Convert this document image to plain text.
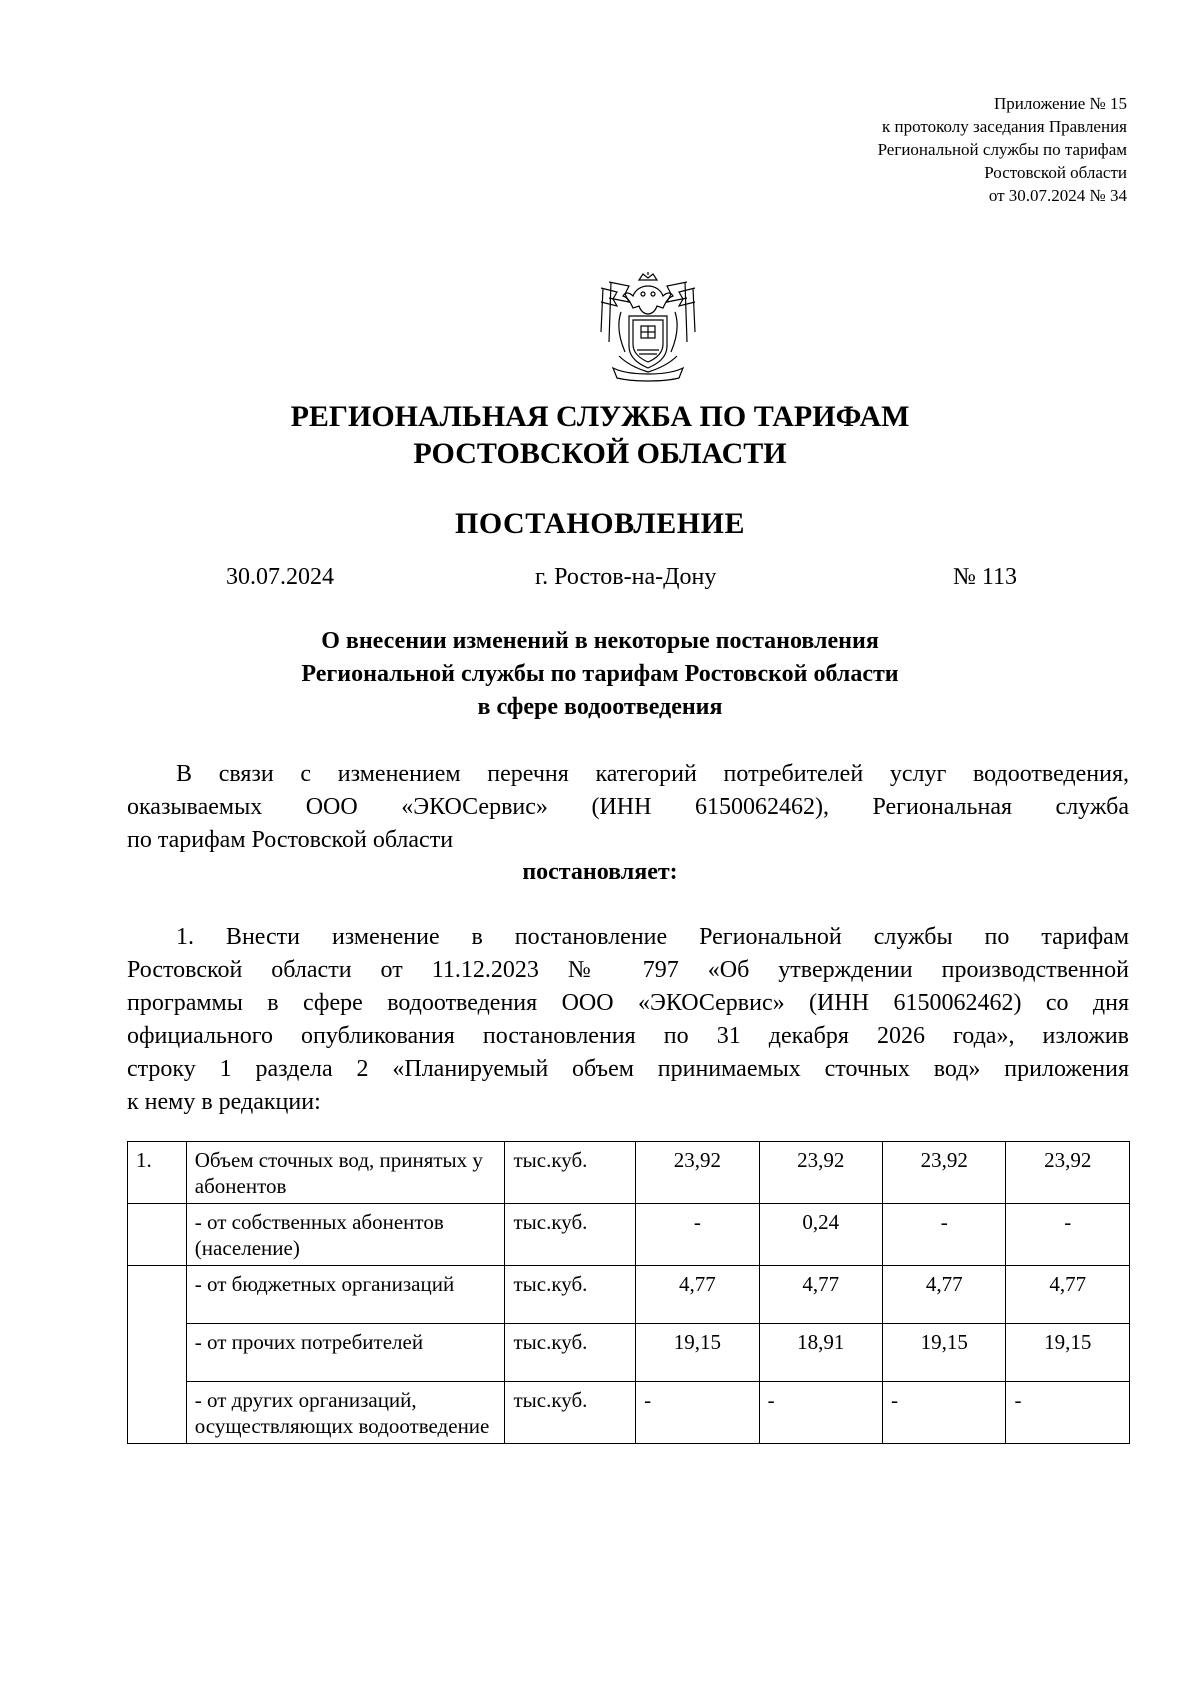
Приложение № 15
к протоколу заседания Правления
Региональной службы по тарифам
Ростовской области
от 30.07.2024 № 34
РЕГИОНАЛЬНАЯ СЛУЖБА ПО ТАРИФАМ
РОСТОВСКОЙ ОБЛАСТИ
ПОСТАНОВЛЕНИЕ
30.07.2024	г. Ростов-на-Дону	№ 113
О внесении изменений в некоторые постановления
Региональной службы по тарифам Ростовской области
в сфере водоотведения
В связи с изменением перечня категорий потребителей услуг водоотведения,
оказываемых ООО «ЭКОСервис» (ИНН 6150062462), Региональная служба
по тарифам Ростовской области
постановляет:
1. Внести изменение в постановление Региональной службы по тарифам
Ростовской области от 11.12.2023 № 797 «Об утверждении производственной
программы в сфере водоотведения ООО «ЭКОСервис» (ИНН 6150062462) со дня
официального опубликования постановления по 31 декабря 2026 года», изложив
строку 1 раздела 2 «Планируемый объем принимаемых сточных вод» приложения
к нему в редакции:
1.	Объем сточных вод, принятых у абонентов	тыс.куб.	23,92	23,92	23,92	23,92
	- от собственных абонентов (население)	тыс.куб.	-	0,24	-	-
	- от бюджетных организаций	тыс.куб.	4,77	4,77	4,77	4,77
	- от прочих потребителей	тыс.куб.	19,15	18,91	19,15	19,15
	- от других организаций, осуществляющих водоотведение	тыс.куб.	-	-	-	-
